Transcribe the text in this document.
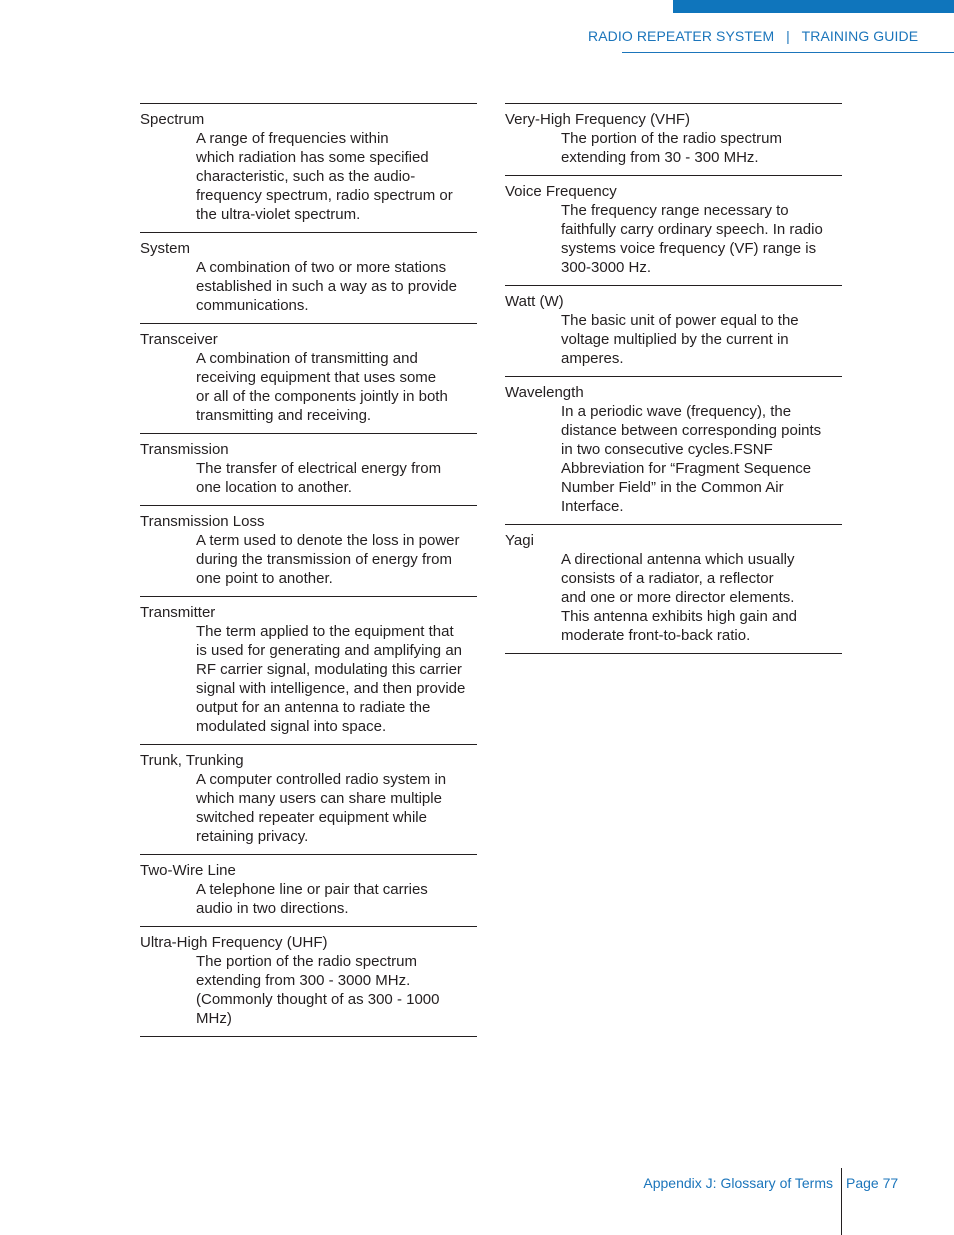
RADIO REPEATER SYSTEM   |   TRAINING GUIDE
Spectrum
A range of frequencies within
which radiation has some specified
characteristic, such as the audio-
frequency spectrum, radio spectrum or
the ultra-violet spectrum.
System
A combination of two or more stations
established in such a way as to provide
communications.
Transceiver
A combination of transmitting and
receiving equipment that uses some
or all of the components jointly in both
transmitting and receiving.
Transmission
The transfer of electrical energy from
one location to another.
Transmission Loss
A term used to denote the loss in power
during the transmission of energy from
one point to another.
Transmitter
The term applied to the equipment that
is used for generating and amplifying an
RF carrier signal, modulating this carrier
signal with intelligence, and then provide
output for an antenna to radiate the
modulated signal into space.
Trunk, Trunking
A computer controlled radio system in
which many users can share multiple
switched repeater equipment while
retaining privacy.
Two-Wire Line
A telephone line or pair that carries
audio in two directions.
Ultra-High Frequency (UHF)
The portion of the radio spectrum
extending from 300 - 3000 MHz.
(Commonly thought of as 300 - 1000
MHz)
Very-High Frequency (VHF)
The portion of the radio spectrum
extending from 30 - 300 MHz.
Voice Frequency
The frequency range necessary to
faithfully carry ordinary speech. In radio
systems voice frequency (VF) range is
300-3000 Hz.
Watt (W)
The basic unit of power equal to the
voltage multiplied by the current in
amperes.
Wavelength
In a periodic wave (frequency), the
distance between corresponding points
in two consecutive cycles.FSNF
Abbreviation for “Fragment Sequence
Number Field” in the Common Air
Interface.
Yagi
A directional antenna which usually
consists of a radiator, a reflector
and one or more director elements.
This antenna exhibits high gain and
moderate front-to-back ratio.
Appendix J: Glossary of Terms Page 77
